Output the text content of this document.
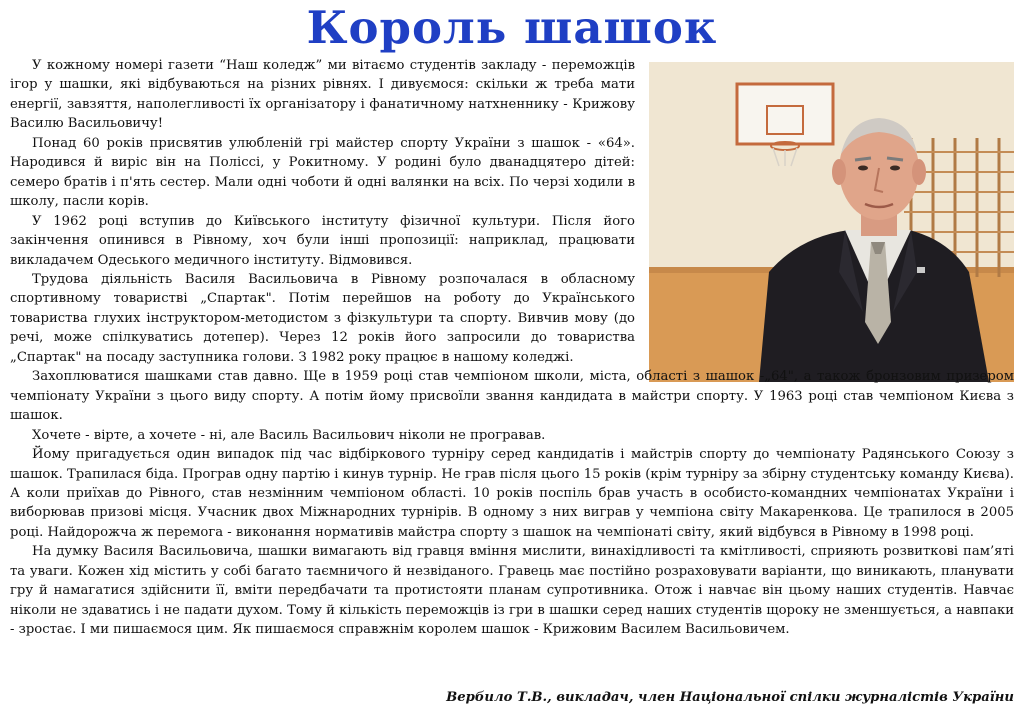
Король шашок

У кожному номері газети “Наш коледж” ми вітаємо студентів закладу - переможців ігор у шашки, які відбуваються на різних рівнях. І дивуємося: скільки ж треба мати енергії, завзяття, наполегливості їх організатору і фанатичному натхненнику - Крижову Василю Васильовичу!

Понад 60 років присвятив улюбленій грі майстер спорту України з шашок - «64». Народився й виріс він на Поліссі, у Рокитному. У родині було дванадцятеро дітей: семеро братів і п'ять сестер. Мали одні чоботи й одні валянки на всіх. По черзі ходили в школу, пасли корів.

У 1962 році вступив до Київського інституту фізичної культури. Після його закінчення опинився в Рівному, хоч були інші пропозиції: наприклад, працювати викладачем Одеського медичного інституту. Відмовився.

Трудова діяльність Василя Васильовича в Рівному розпочалася в обласному спортивному товаристві „Спартак". Потім перейшов на роботу до Українського товариства глухих інструктором-методистом з фізкультури та спорту. Вивчив мову (до речі, може спілкуватись дотепер). Через 12 років його запросили до товариства „Спартак" на посаду заступника голови. З 1982 року працює в нашому коледжі.

Захоплюватися шашками став давно. Ще в 1959 році став чемпіоном школи, міста, області з шашок -„64", а також бронзовим призером чемпіонату України з цього виду спорту. А потім йому присвоїли звання кандидата в майстри спорту. У 1963 році став чемпіоном Києва з шашок.

Хочете - вірте, а хочете - ні, але Василь Васильович ніколи не програвав.

Йому пригадується один випадок під час відбіркового турніру серед кандидатів і майстрів спорту до чемпіонату Радянського Союзу з шашок. Трапилася біда. Програв одну партію і кинув турнір. Не грав після цього 15 років (крім турніру за збірну студентську команду Києва). А коли приїхав до Рівного, став незмінним чемпіоном області. 10 років поспіль брав участь в особисто-командних чемпіонатах України і виборював призові місця. Учасник двох Міжнародних турнірів. В одному з них виграв у чемпіона світу Макаренкова. Це трапилося в 2005 році. Найдорожча ж перемога - виконання нормативів майстра спорту з шашок на чемпіонаті світу, який відбувся в Рівному в 1998 році.

На думку Василя Васильовича, шашки вимагають від гравця вміння мислити, винахідливості та кмітливості, сприяють розвиткові пам’яті та уваги. Кожен хід містить у собі багато таємничого й незвіданого. Гравець має постійно розраховувати варіанти, що виникають, планувати гру й намагатися здійснити її, вміти передбачати та протистояти планам супротивника. Отож і навчає він цьому наших студентів. Навчає ніколи не здаватись і не падати духом. Тому й кількість переможців із гри в шашки серед наших студентів щороку не зменшується, а навпаки - зростає. І ми пишаємося цим. Як пишаємося справжнім королем шашок - Крижовим Василем Васильовичем.

Вербило Т.В., викладач, член Національної спілки журналістів України
